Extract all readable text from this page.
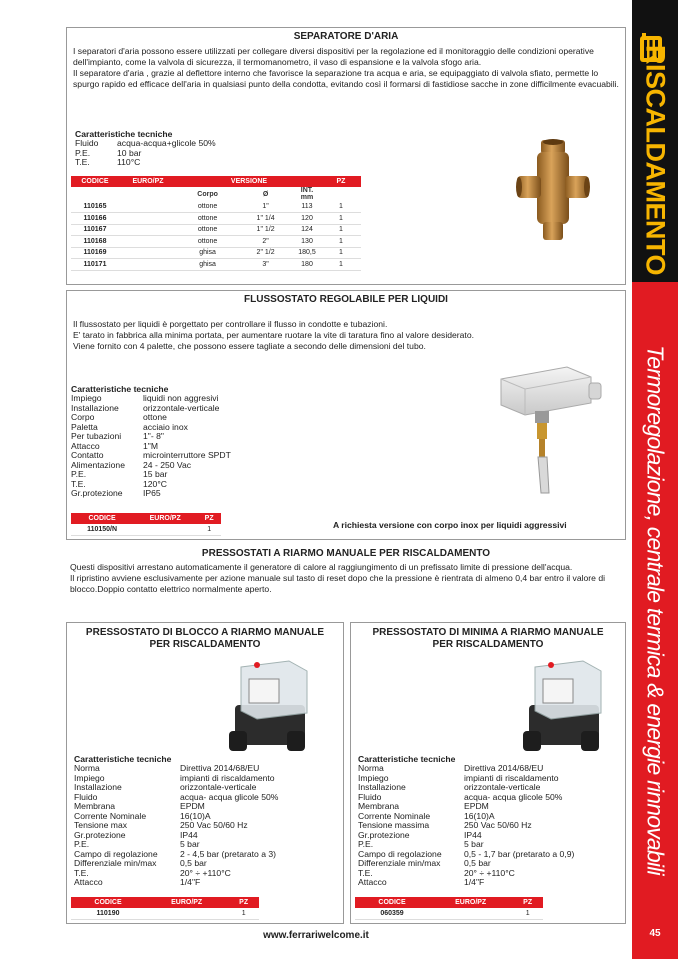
RISCALDAMENTO
Termoregolazione, centrale termica & energie rinnovabili
45
SEPARATORE D'ARIA

I separatori d'aria possono essere utilizzati per collegare diversi dispositivi per la regolazione ed il monitoraggio delle condizioni operative dell'impianto, come la valvola di sicurezza, il termomanometro, il vaso di espansione e la valvola sfogo aria.

Il separatore d'aria , grazie al deflettore interno che favorisce la separazione tra acqua e aria, se equipaggiato di valvola sfiato, permette lo spurgo rapido ed efficace dell'aria in qualsiasi punto della condotta, evitando così il formarsi di fastidiose sacche in zone difficilmente evacuabili.

Caratteristiche tecniche
Fluido	acqua-acqua+glicole 50%
P.E.	10 bar
T.E.	110°C
CODICE	EURO/PZ	VERSIONE			PZ
		Corpo	Ø	INT. mm	
110165		ottone	1"	113	1
110166		ottone	1" 1/4	120	1
110167		ottone	1" 1/2	124	1
110168		ottone	2"	130	1
110169		ghisa	2" 1/2	180,5	1
110171		ghisa	3"	180	1
FLUSSOSTATO REGOLABILE PER LIQUIDI

Il flussostato per liquidi è porgettato per controllare il flusso in condotte e tubazioni.

E' tarato in fabbrica alla minima portata, per aumentare ruotare la vite di taratura fino al valore desiderato.

Viene fornito con 4 palette, che possono essere tagliate a secondo delle dimensioni del tubo.

Caratteristiche tecniche
Impiego	liquidi non aggresivi
Installazione	orizzontale-verticale
Corpo	ottone
Paletta	acciaio inox
Per tubazioni	1"- 8"
Attacco	1"M
Contatto	microinterruttore SPDT
Alimentazione	24 - 250 Vac
P.E.	15 bar
T.E.	120°C
Gr.protezione	IP65
CODICE	EURO/PZ	PZ
110150/N		1	A richiesta versione con corpo inox per liquidi aggressivi
PRESSOSTATI A RIARMO MANUALE PER RISCALDAMENTO

Questi dispositivi arrestano automaticamente il generatore di calore al raggiungimento di un prefissato limite di pressione dell'acqua.

Il ripristino avviene esclusivamente per azione manuale sul tasto di reset dopo che la pressione è rientrata di almeno 0,4 bar entro il valore di blocco.Doppio contatto elettrico normalmente aperto.

PRESSOSTATO DI BLOCCO A RIARMO MANUALE PER RISCALDAMENTO
Caratteristiche tecniche
Norma	Direttiva 2014/68/EU
Impiego	impianti di riscaldamento
Installazione	orizzontale-verticale
Fluido	acqua- acqua glicole 50%
Membrana	EPDM
Corrente Nominale	16(10)A
Tensione max	250 Vac 50/60 Hz
Gr.protezione	IP44
P.E.	5 bar
Campo di regolazione	2 - 4,5 bar (pretarato a 3)
Differenziale min/max	0,5 bar
T.E.	20° ÷ +110°C
Attacco	1/4"F
CODICE	EURO/PZ	PZ
110190		1
PRESSOSTATO DI MINIMA A RIARMO MANUALE PER RISCALDAMENTO
Caratteristiche tecniche
Norma	Direttiva 2014/68/EU
Impiego	impianti di riscaldamento
Installazione	orizzontale-verticale
Fluido	acqua- acqua glicole 50%
Membrana	EPDM
Corrente Nominale	16(10)A
Tensione massima	250 Vac 50/60 Hz
Gr.protezione	IP44
P.E.	5 bar
Campo di regolazione	0,5 - 1,7 bar (pretarato a 0,9)
Differenziale min/max	0,5 bar
T.E.	20° ÷ +110°C
Attacco	1/4"F
CODICE	EURO/PZ	PZ
060359		1
www.ferrariwelcome.it
